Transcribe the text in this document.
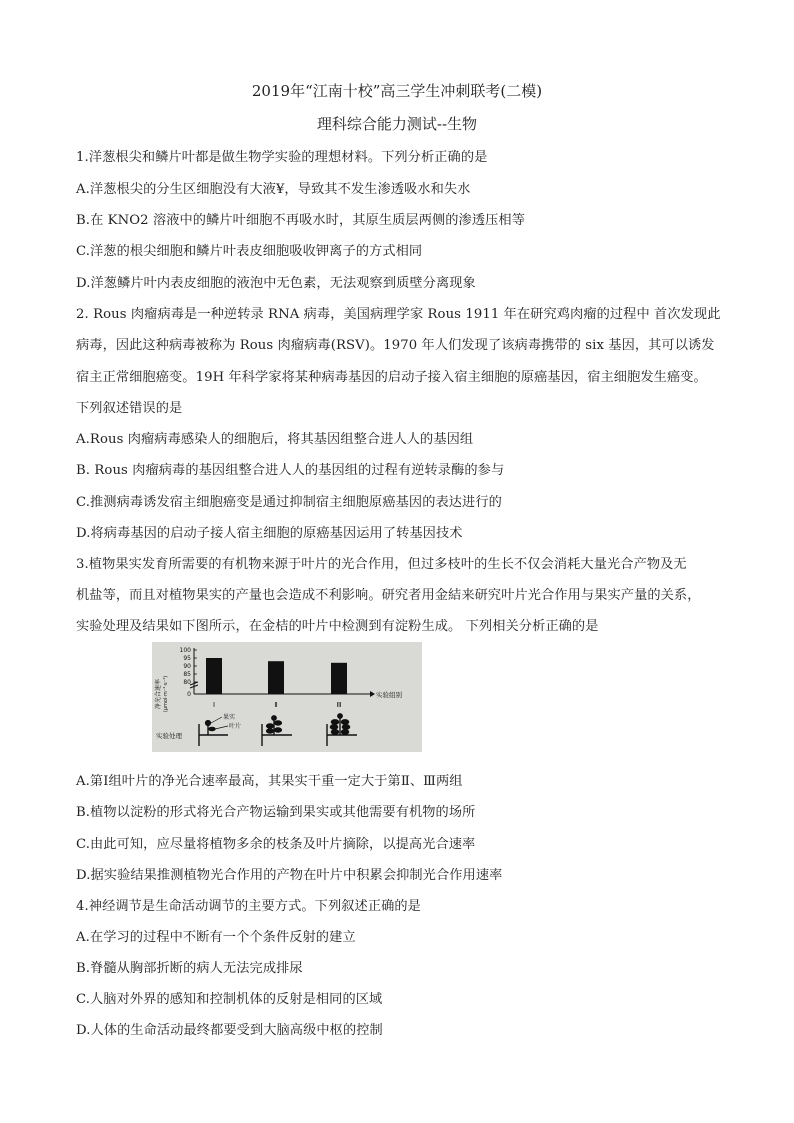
2019年“江南十校”高三学生冲刺联考(二模)
理科综合能力测试--生物
1.洋葱根尖和鳞片叶都是做生物学实验的理想材料。下列分析正确的是
A.洋葱根尖的分生区细胞没有大液¥，导致其不发生渗透吸水和失水
B.在 KNO2 溶液中的鳞片叶细胞不再吸水时，其原生质层两侧的渗透压相等
C.洋葱的根尖细胞和鳞片叶表皮细胞吸收钾离子的方式相同
D.洋葱鳞片叶内表皮细胞的液泡中无色素，无法观察到质壁分离现象
2. Rous 肉瘤病毒是一种逆转录 RNA 病毒，美国病理学家 Rous 1911 年在研究鸡肉瘤的过程中 首次发现此
病毒，因此这种病毒被称为 Rous 肉瘤病毒(RSV)。1970 年人们发现了该病毒携带的 six 基因，其可以诱发
宿主正常细胞癌变。19H 年科学家将某种病毒基因的启动子接入宿主细胞的原癌基因，宿主细胞发生癌变。
下列叙述错误的是
A.Rous 肉瘤病毒感染人的细胞后，将其基因组整合进人人的基因组
B. Rous 肉瘤病毒的基因组整合进人人的基因组的过程有逆转录酶的参与
C.推测病毒诱发宿主细胞癌变是通过抑制宿主细胞原癌基因的表达进行的
D.将病毒基因的启动子接人宿主细胞的原癌基因运用了转基因技术
3.植物果实发育所需要的有机物来源于叶片的光合作用，但过多枝叶的生长不仅会消耗大量光合产物及无
机盐等，而且对植物果实的产量也会造成不利影响。研究者用金結来研究叶片光合作用与果实产量的关系，
实验处理及结果如下图所示，在金桔的叶片中检测到有淀粉生成。 下列相关分析正确的是
净光合速率 (μmol·m⁻²·s⁻¹)	实验组别
100
95
90
85
80
0
Ⅰ	Ⅱ	Ⅲ
实验处理
果实
叶片
A.第Ⅰ组叶片的净光合速率最高，其果实干重一定大于第Ⅱ、Ⅲ两组
B.植物以淀粉的形式将光合产物运输到果实或其他需要有机物的场所
C.由此可知，应尽量将植物多余的枝条及叶片摘除，以提高光合速率
D.据实验结果推测植物光合作用的产物在叶片中积累会抑制光合作用速率
4.神经调节是生命活动调节的主要方式。下列叙述正确的是
A.在学习的过程中不断有一个个条件反射的建立
B.脊髓从胸部折断的病人无法完成排尿
C.人脑对外界的感知和控制机体的反射是相同的区域
D.人体的生命活动最终都要受到大脑高级中枢的控制
